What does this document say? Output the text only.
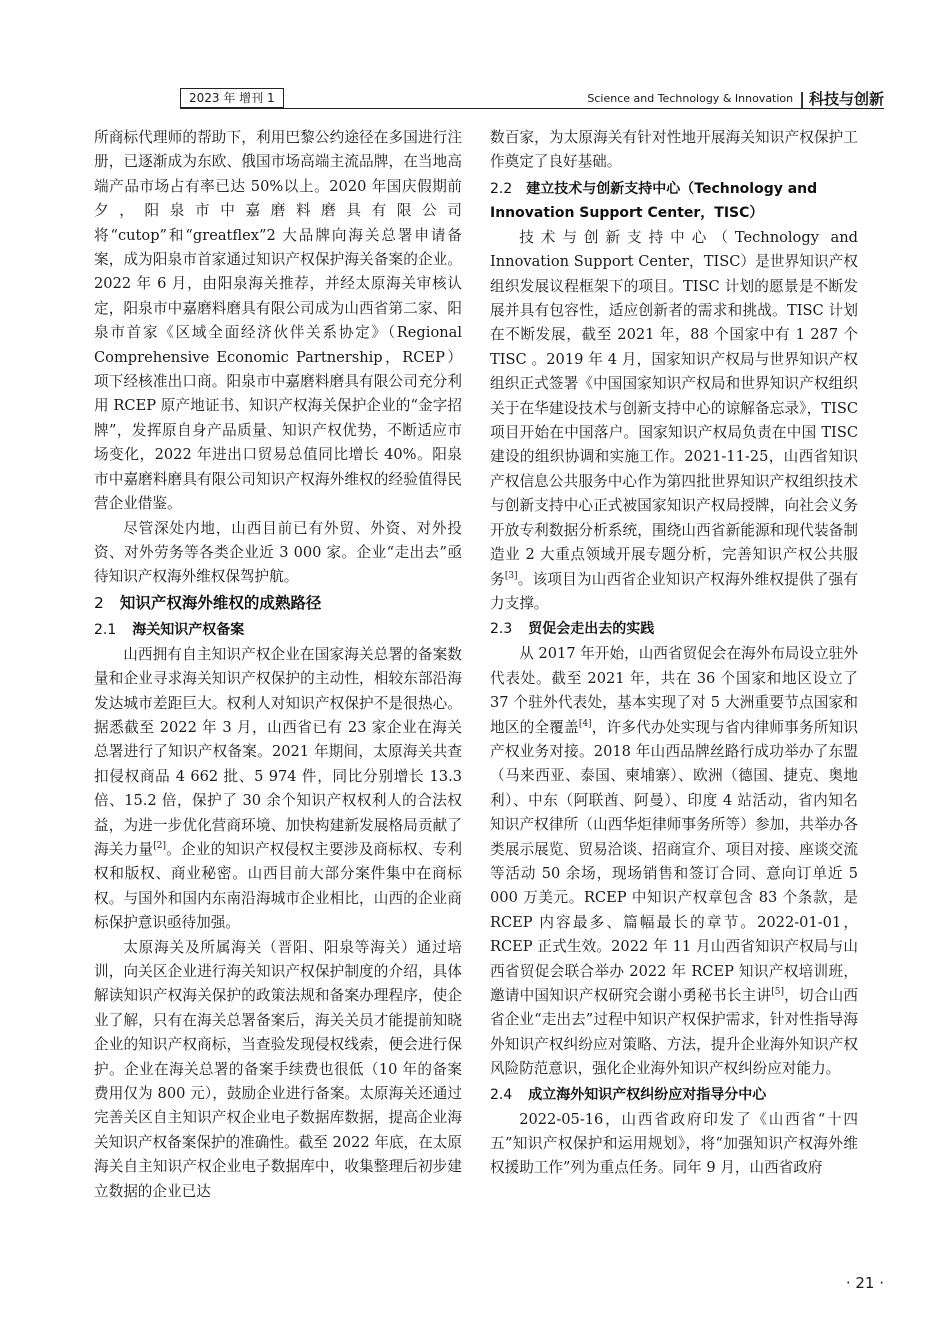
2023 年 增刊 1	Science and Technology & Innovation | 科技与创新

所商标代理师的帮助下，利用巴黎公约途径在多国进行注册，已逐渐成为东欧、俄国市场高端主流品牌，在当地高端产品市场占有率已达 50%以上。2020 年国庆假期前夕，阳泉市中嘉磨料磨具有限公司将“cutop”和“greatflex”2 大品牌向海关总署申请备案，成为阳泉市首家通过知识产权保护海关备案的企业。2022 年 6 月，由阳泉海关推荐，并经太原海关审核认定，阳泉市中嘉磨料磨具有限公司成为山西省第二家、阳泉市首家《区域全面经济伙伴关系协定》（Regional Comprehensive Economic Partnership，RCEP）项下经核准出口商。阳泉市中嘉磨料磨具有限公司充分利用 RCEP 原产地证书、知识产权海关保护企业的“金字招牌”，发挥原自身产品质量、知识产权优势，不断适应市场变化，2022 年进出口贸易总值同比增长 40%。阳泉市中嘉磨料磨具有限公司知识产权海外维权的经验值得民营企业借鉴。

尽管深处内地，山西目前已有外贸、外资、对外投资、对外劳务等各类企业近 3 000 家。企业“走出去”亟待知识产权海外维权保驾护航。

2 知识产权海外维权的成熟路径
2.1 海关知识产权备案

山西拥有自主知识产权企业在国家海关总署的备案数量和企业寻求海关知识产权保护的主动性，相较东部沿海发达城市差距巨大。权利人对知识产权保护不是很热心。据悉截至 2022 年 3 月，山西省已有 23 家企业在海关总署进行了知识产权备案。2021 年期间，太原海关共查扣侵权商品 4 662 批、5 974 件，同比分别增长 13.3 倍、15.2 倍，保护了 30 余个知识产权权利人的合法权益，为进一步优化营商环境、加快构建新发展格局贡献了海关力量[2]。企业的知识产权侵权主要涉及商标权、专利权和版权、商业秘密。山西目前大部分案件集中在商标权。与国外和国内东南沿海城市企业相比，山西的企业商标保护意识亟待加强。

太原海关及所属海关（晋阳、阳泉等海关）通过培训，向关区企业进行海关知识产权保护制度的介绍，具体解读知识产权海关保护的政策法规和备案办理程序，使企业了解，只有在海关总署备案后，海关关员才能提前知晓企业的知识产权商标，当查验发现侵权线索，便会进行保护。企业在海关总署的备案手续费也很低（10 年的备案费用仅为 800 元），鼓励企业进行备案。太原海关还通过完善关区自主知识产权企业电子数据库数据，提高企业海关知识产权备案保护的准确性。截至 2022 年底，在太原海关自主知识产权企业电子数据库中，收集整理后初步建立数据的企业已达

数百家，为太原海关有针对性地开展海关知识产权保护工作奠定了良好基础。

2.2 建立技术与创新支持中心（Technology and Innovation Support Center，TISC）

技术与创新支持中心（Technology and Innovation Support Center，TISC）是世界知识产权组织发展议程框架下的项目。TISC 计划的愿景是不断发展并具有包容性，适应创新者的需求和挑战。TISC 计划在不断发展，截至 2021 年，88 个国家中有 1 287 个 TISC 。2019 年 4 月，国家知识产权局与世界知识产权组织正式签署《中国国家知识产权局和世界知识产权组织关于在华建设技术与创新支持中心的谅解备忘录》，TISC 项目开始在中国落户。国家知识产权局负责在中国 TISC 建设的组织协调和实施工作。2021-11-25，山西省知识产权信息公共服务中心作为第四批世界知识产权组织技术与创新支持中心正式被国家知识产权局授牌，向社会义务开放专利数据分析系统，围绕山西省新能源和现代装备制造业 2 大重点领域开展专题分析，完善知识产权公共服务[3]。该项目为山西省企业知识产权海外维权提供了强有力支撑。

2.3 贸促会走出去的实践

从 2017 年开始，山西省贸促会在海外布局设立驻外代表处。截至 2021 年，共在 36 个国家和地区设立了 37 个驻外代表处，基本实现了对 5 大洲重要节点国家和地区的全覆盖[4]，许多代办处实现与省内律师事务所知识产权业务对接。2018 年山西品牌丝路行成功举办了东盟（马来西亚、泰国、柬埔寨）、欧洲（德国、捷克、奥地利）、中东（阿联酋、阿曼）、印度 4 站活动，省内知名知识产权律所（山西华炬律师事务所等）参加，共举办各类展示展览、贸易洽谈、招商宣介、项目对接、座谈交流等活动 50 余场，现场销售和签订合同、意向订单近 5 000 万美元。RCEP 中知识产权章包含 83 个条款，是 RCEP 内容最多、篇幅最长的章节。2022-01-01，RCEP 正式生效。2022 年 11 月山西省知识产权局与山西省贸促会联合举办 2022 年 RCEP 知识产权培训班，邀请中国知识产权研究会谢小勇秘书长主讲[5]，切合山西省企业“走出去”过程中知识产权保护需求，针对性指导海外知识产权纠纷应对策略、方法，提升企业海外知识产权风险防范意识，强化企业海外知识产权纠纷应对能力。

2.4 成立海外知识产权纠纷应对指导分中心

2022-05-16，山西省政府印发了《山西省“十四五”知识产权保护和运用规划》，将“加强知识产权海外维权援助工作”列为重点任务。同年 9 月，山西省政府

· 21 ·
